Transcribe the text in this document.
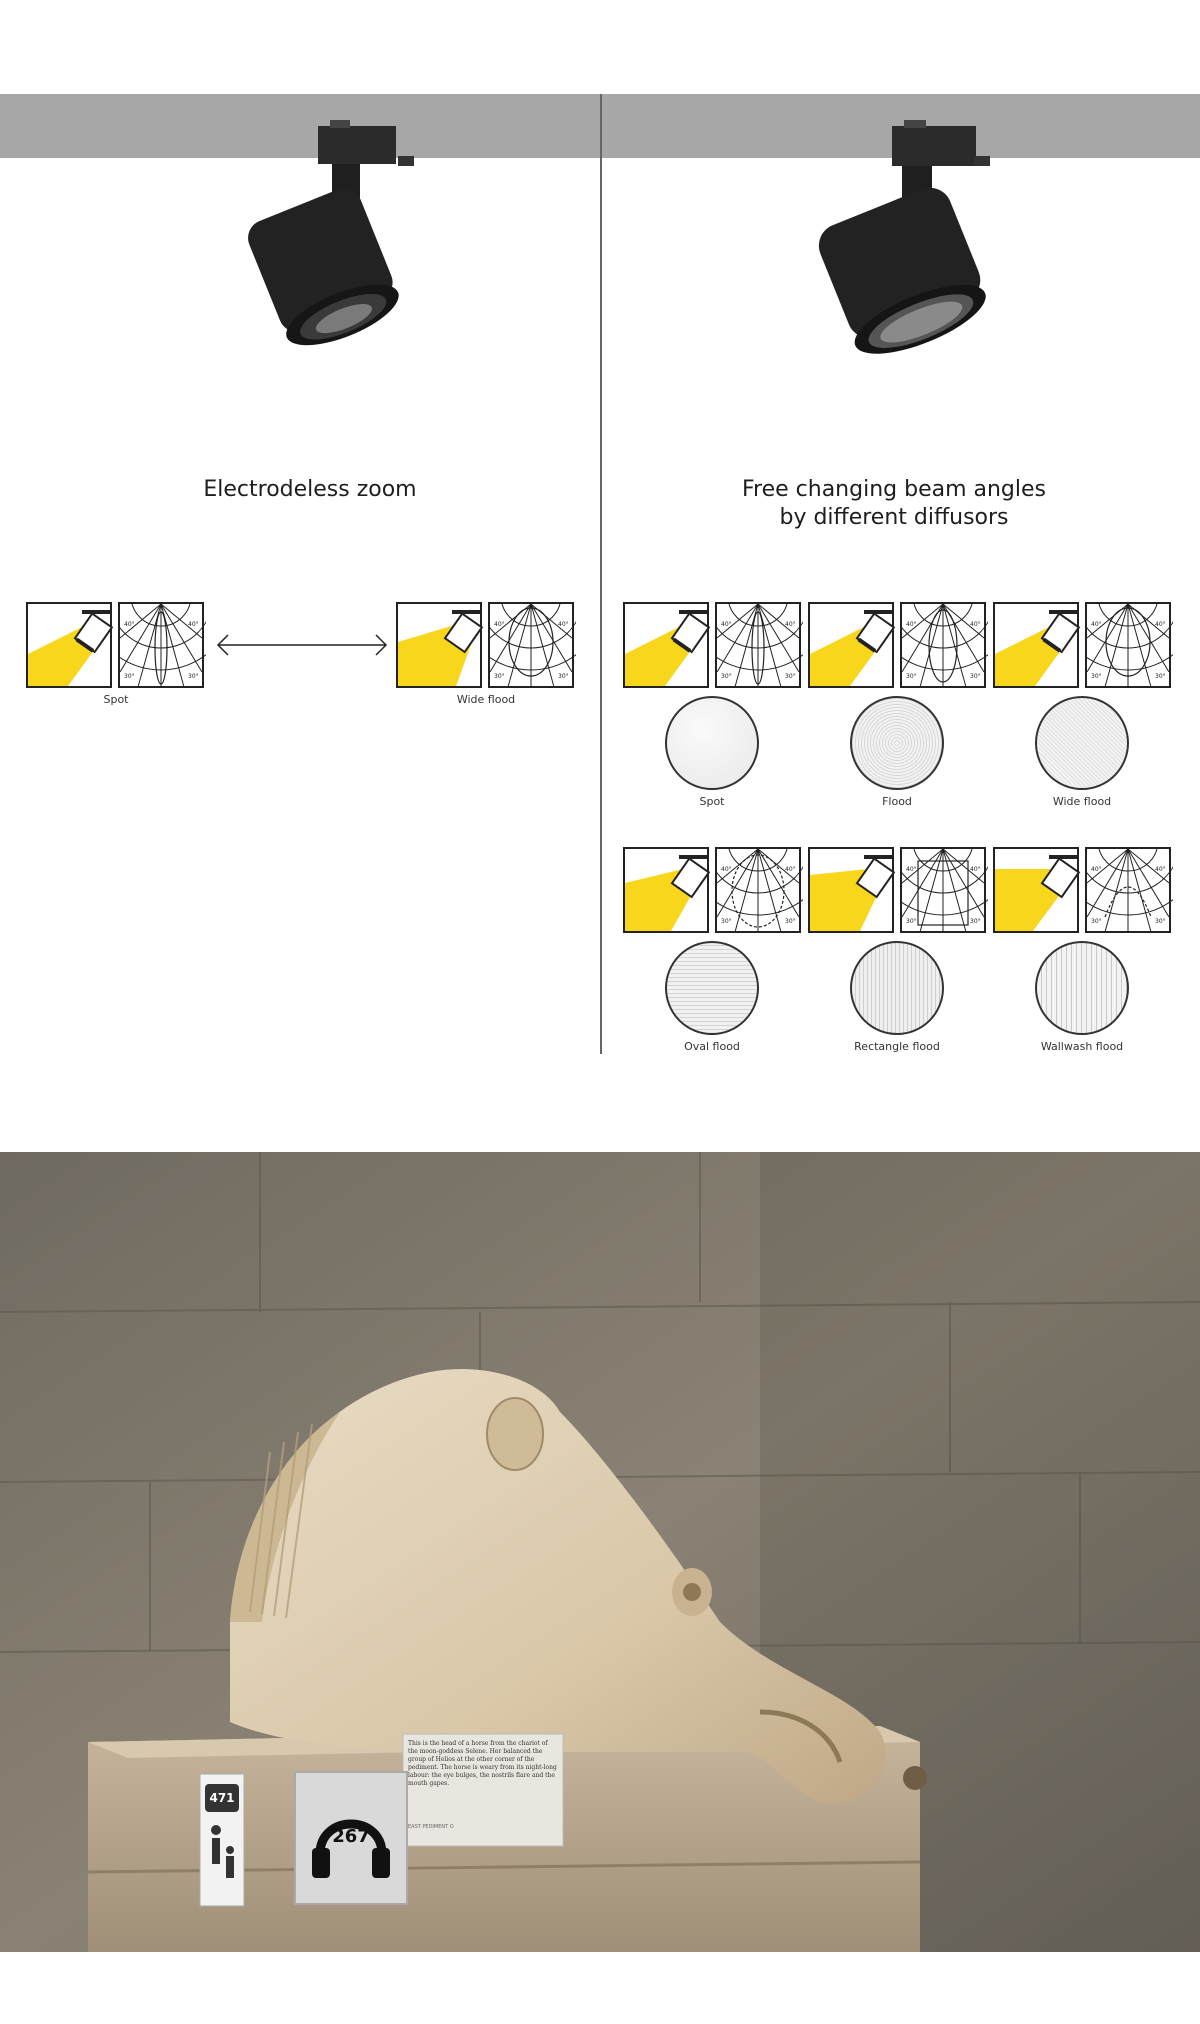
Electrodeless zoom	Free changing beam angles
by different diffusors
Spot	Wide flood
Spot	Flood	Wide flood
Oval flood	Rectangle flood	Wallwash flood
This is the head of a horse from the chariot of the moon-goddess Selene. Her balanced the group of Helios at the other corner of the pediment. The horse is weary from its night-long labour: the eye bulges, the nostrils flare and the mouth gapes.
EAST PEDIMENT O
267
471
